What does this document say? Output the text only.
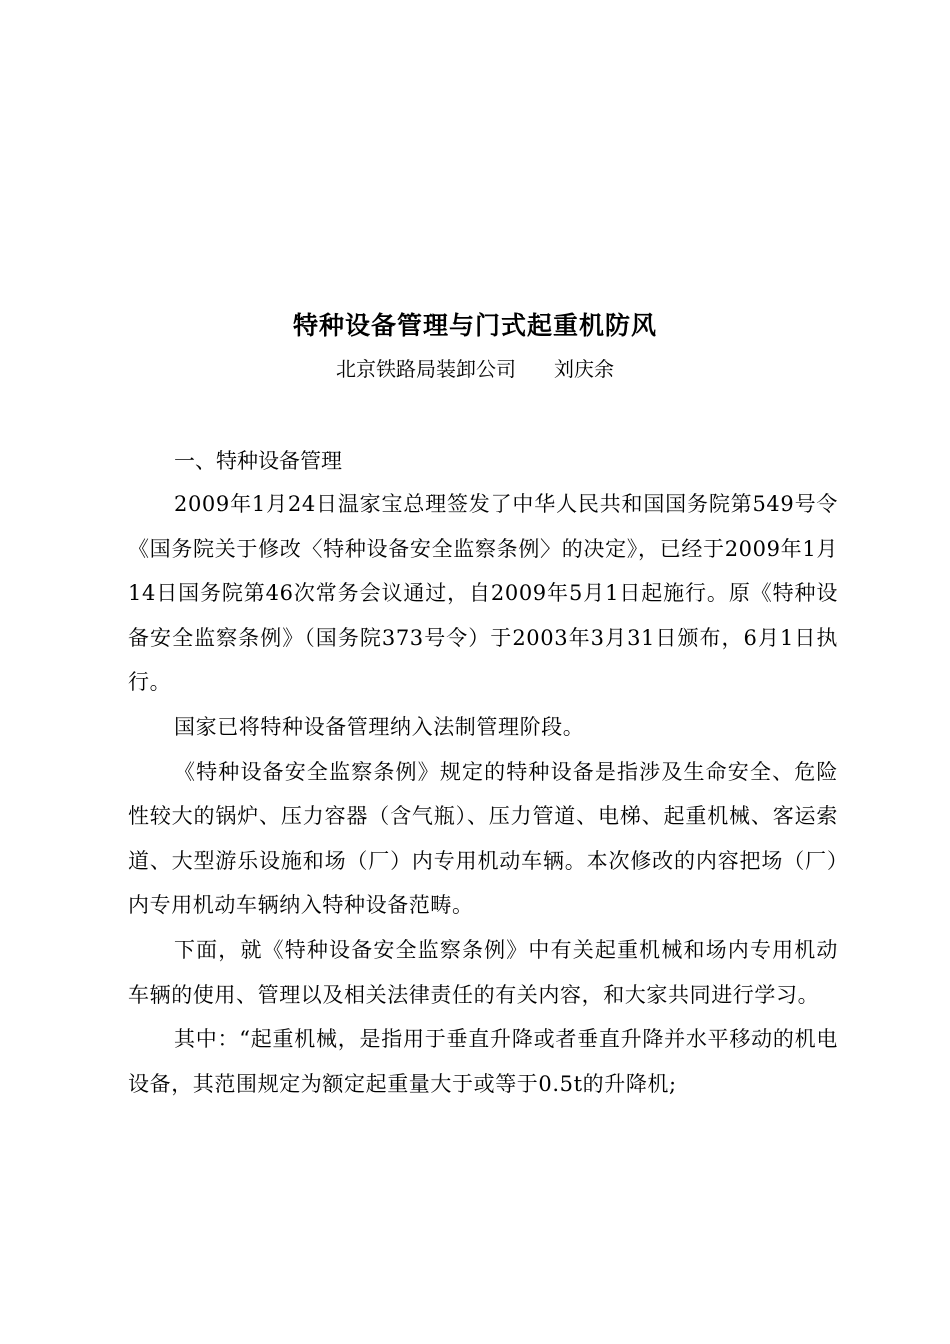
特种设备管理与门式起重机防风
北京铁路局装卸公司 刘庆余
一、特种设备管理

2009年1月24日温家宝总理签发了中华人民共和国国务院第549号令《国务院关于修改〈特种设备安全监察条例〉的决定》，已经于2009年1月14日国务院第46次常务会议通过，自2009年5月1日起施行。原《特种设备安全监察条例》（国务院373号令）于2003年3月31日颁布，6月1日执行。

国家已将特种设备管理纳入法制管理阶段。

《特种设备安全监察条例》规定的特种设备是指涉及生命安全、危险性较大的锅炉、压力容器（含气瓶）、压力管道、电梯、起重机械、客运索道、大型游乐设施和场（厂）内专用机动车辆。本次修改的内容把场（厂）内专用机动车辆纳入特种设备范畴。

下面，就《特种设备安全监察条例》中有关起重机械和场内专用机动车辆的使用、管理以及相关法律责任的有关内容，和大家共同进行学习。

其中：“起重机械，是指用于垂直升降或者垂直升降并水平移动的机电设备，其范围规定为额定起重量大于或等于0.5t的升降机;
